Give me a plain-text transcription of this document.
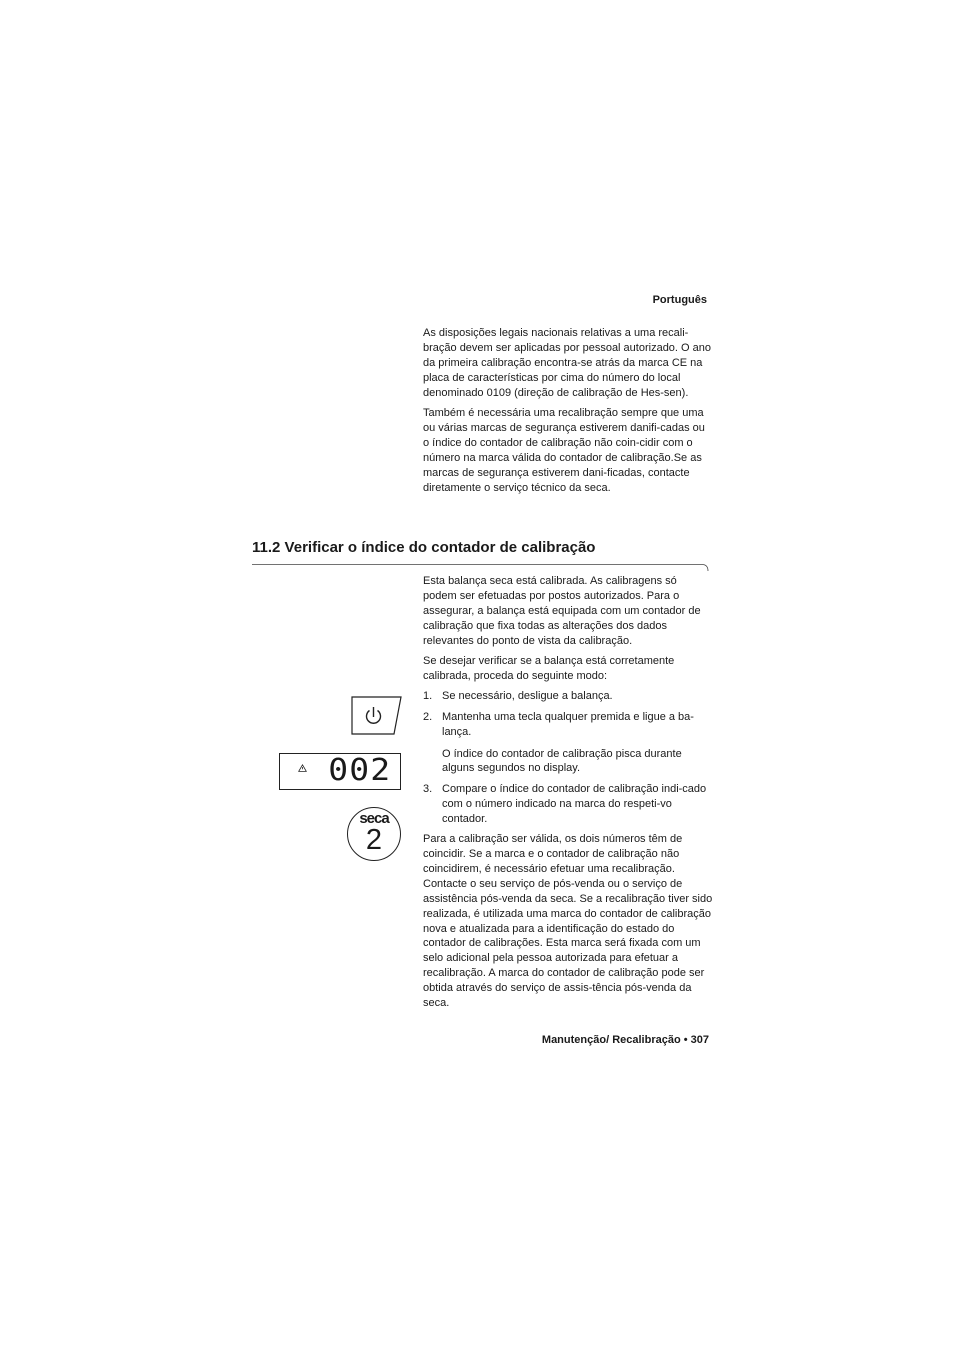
Português

As disposições legais nacionais relativas a uma recali-bração devem ser aplicadas por pessoal autorizado. O ano da primeira calibração encontra-se atrás da marca CE na placa de características por cima do número do local denominado 0109 (direção de calibração de Hes-sen).

Também é necessária uma recalibração sempre que uma ou várias marcas de segurança estiverem danifi-cadas ou o índice do contador de calibração não coin-cidir com o número na marca válida do contador de calibração.Se as marcas de segurança estiverem dani-ficadas, contacte diretamente o serviço técnico da seca.

11.2 Verificar o índice do contador de calibração

Esta balança seca está calibrada. As calibragens só podem ser efetuadas por postos autorizados. Para o assegurar, a balança está equipada com um contador de calibração que fixa todas as alterações dos dados relevantes do ponto de vista da calibração.

Se desejar verificar se a balança está corretamente calibrada, proceda do seguinte modo:

1. Se necessário, desligue a balança.
2. Mantenha uma tecla qualquer premida e ligue a ba-lança.
O índice do contador de calibração pisca durante alguns segundos no display.
3. Compare o índice do contador de calibração indi-cado com o número indicado na marca do respeti-vo contador.

Para a calibração ser válida, os dois números têm de coincidir. Se a marca e o contador de calibração não coincidirem, é necessário efetuar uma recalibração. Contacte o seu serviço de pós-venda ou o serviço de assistência pós-venda da seca. Se a recalibração tiver sido realizada, é utilizada uma marca do contador de calibração nova e atualizada para a identificação do estado do contador de calibrações. Esta marca será fixada com um selo adicional pela pessoa autorizada para efetuar a recalibração. A marca do contador de calibração pode ser obtida através do serviço de assis-tência pós-venda da seca.

002
seca
2
Manutenção/ Recalibração • 307
